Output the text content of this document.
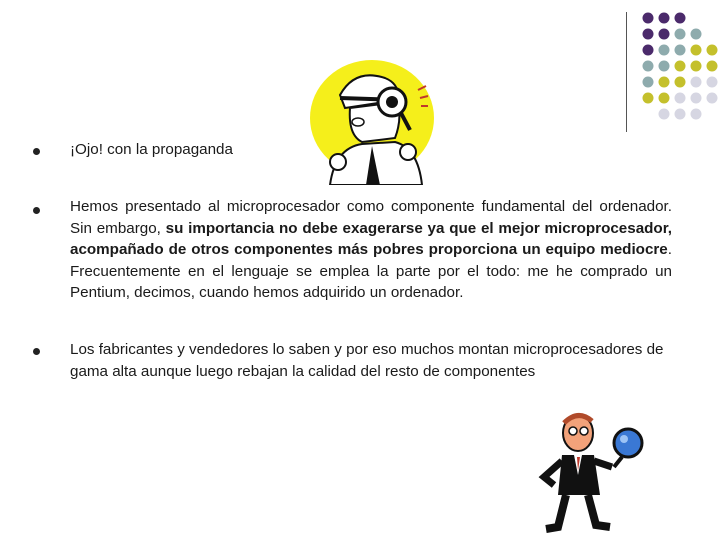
¡Ojo! con la propaganda
Hemos presentado al microprocesador como componente fundamental del ordenador. Sin embargo, su importancia no debe exagerarse ya que el mejor microprocesador, acompañado de otros componentes más pobres proporciona un equipo mediocre. Frecuentemente en el lenguaje se emplea la parte por el todo: me he comprado un Pentium, decimos, cuando hemos adquirido un ordenador.
Los fabricantes y vendedores lo saben y por eso muchos montan microprocesadores de gama alta aunque luego rebajan la calidad del resto de componentes
